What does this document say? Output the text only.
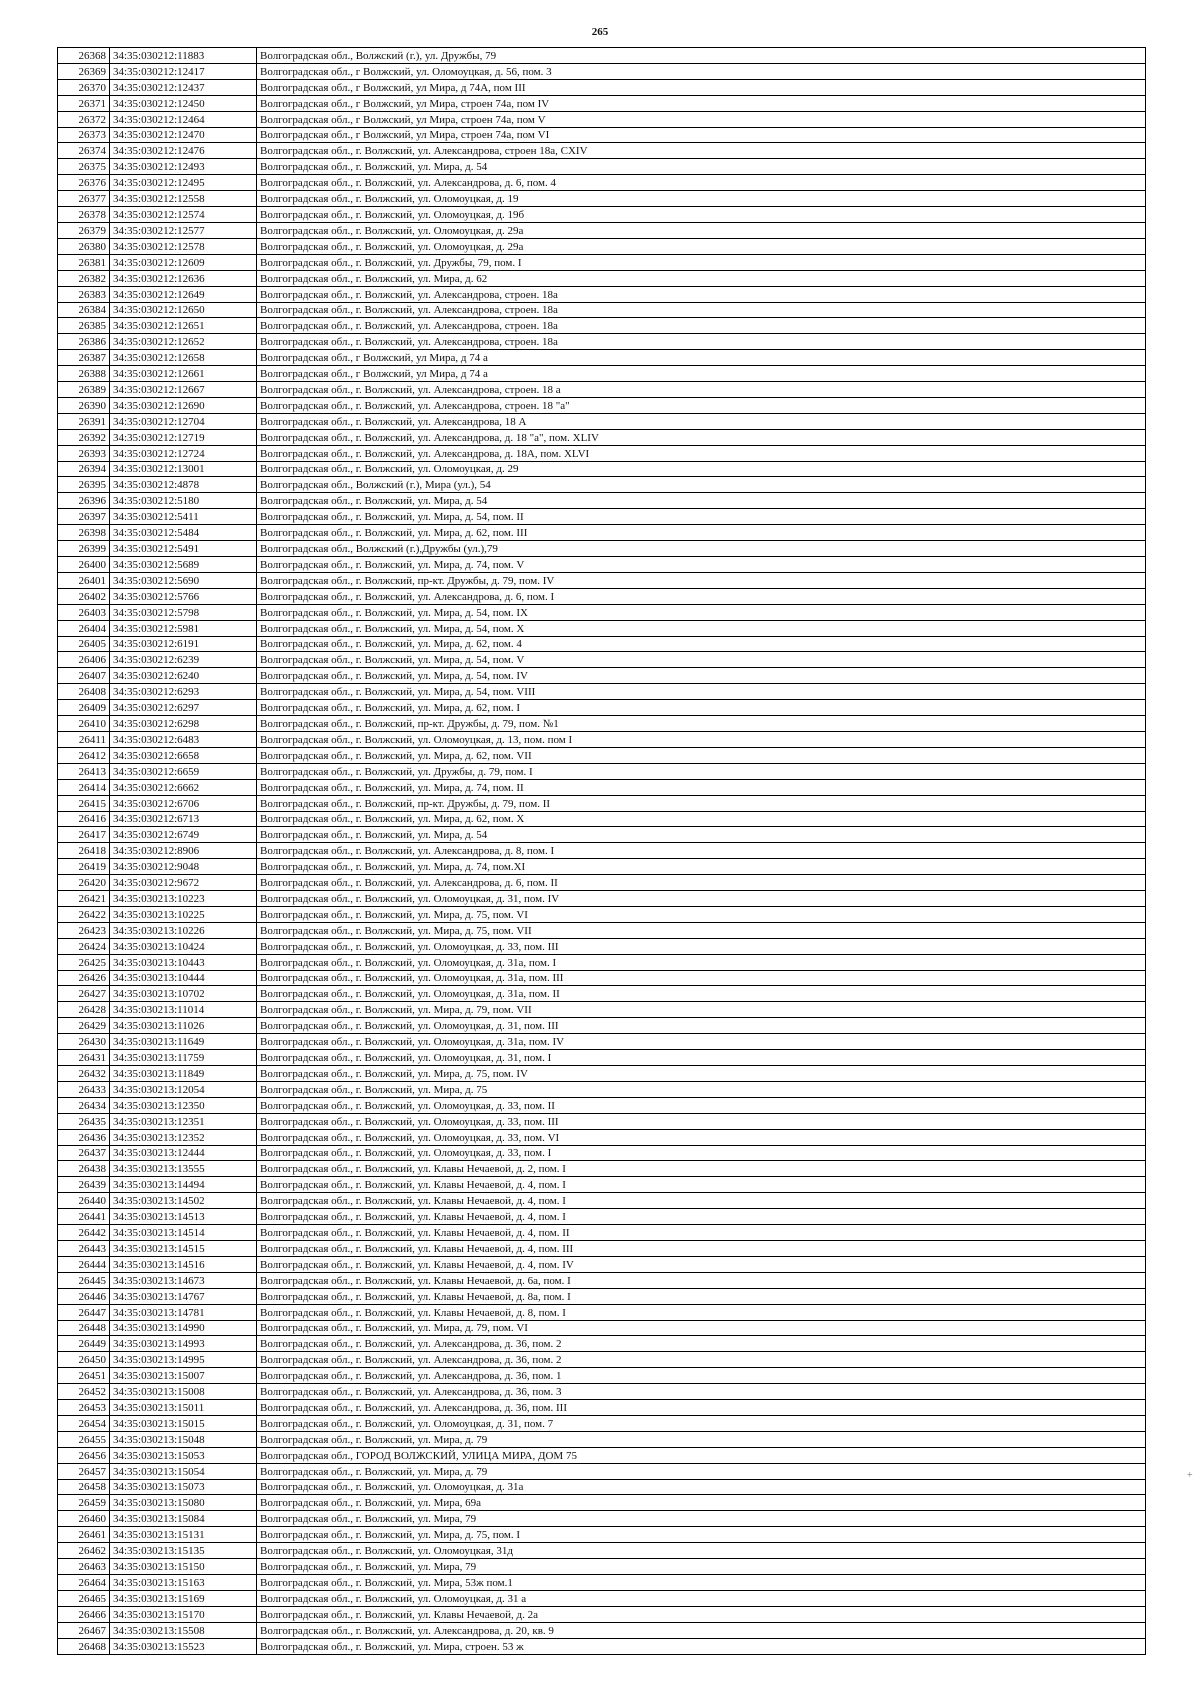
265
26368	34:35:030212:11883	Волгоградская обл., Волжский (г.), ул. Дружбы, 79
26369	34:35:030212:12417	Волгоградская обл., г Волжский, ул. Оломоуцкая, д. 56, пом. 3
26370	34:35:030212:12437	Волгоградская обл., г Волжский, ул Мира, д 74А, пом III
26371	34:35:030212:12450	Волгоградская обл., г Волжский, ул Мира, строен 74а, пом IV
26372	34:35:030212:12464	Волгоградская обл., г Волжский, ул Мира, строен 74а, пом V
26373	34:35:030212:12470	Волгоградская обл., г Волжский, ул Мира, строен 74а, пом VI
26374	34:35:030212:12476	Волгоградская обл., г. Волжский, ул. Александрова, строен 18а, CXIV
26375	34:35:030212:12493	Волгоградская обл., г. Волжский, ул. Мира, д. 54
26376	34:35:030212:12495	Волгоградская обл., г. Волжский, ул. Александрова, д. 6, пом. 4
26377	34:35:030212:12558	Волгоградская обл., г. Волжский, ул. Оломоуцкая, д. 19
26378	34:35:030212:12574	Волгоградская обл., г. Волжский, ул. Оломоуцкая, д. 19б
26379	34:35:030212:12577	Волгоградская обл., г. Волжский, ул. Оломоуцкая, д. 29а
26380	34:35:030212:12578	Волгоградская обл., г. Волжский, ул. Оломоуцкая, д. 29а
26381	34:35:030212:12609	Волгоградская обл., г. Волжский, ул. Дружбы, 79, пом. I
26382	34:35:030212:12636	Волгоградская обл., г. Волжский, ул. Мира, д. 62
26383	34:35:030212:12649	Волгоградская обл., г. Волжский, ул. Александрова, строен. 18а
26384	34:35:030212:12650	Волгоградская обл., г. Волжский, ул. Александрова, строен. 18а
26385	34:35:030212:12651	Волгоградская обл., г. Волжский, ул. Александрова, строен. 18а
26386	34:35:030212:12652	Волгоградская обл., г. Волжский, ул. Александрова, строен. 18а
26387	34:35:030212:12658	Волгоградская обл., г Волжский, ул Мира, д 74 а
26388	34:35:030212:12661	Волгоградская обл., г Волжский, ул Мира, д 74 а
26389	34:35:030212:12667	Волгоградская обл., г. Волжский, ул. Александрова, строен. 18 а
26390	34:35:030212:12690	Волгоградская обл., г. Волжский, ул. Александрова, строен. 18 "а"
26391	34:35:030212:12704	Волгоградская обл., г. Волжский, ул. Александрова, 18 А
26392	34:35:030212:12719	Волгоградская обл., г. Волжский, ул. Александрова, д. 18 "а", пом. XLIV
26393	34:35:030212:12724	Волгоградская обл., г. Волжский, ул. Александрова, д. 18А, пом. XLVI
26394	34:35:030212:13001	Волгоградская обл., г. Волжский, ул. Оломоуцкая, д. 29
26395	34:35:030212:4878	Волгоградская обл., Волжский (г.), Мира (ул.), 54
26396	34:35:030212:5180	Волгоградская обл., г. Волжский, ул. Мира, д. 54
26397	34:35:030212:5411	Волгоградская обл., г. Волжский, ул. Мира, д. 54, пом. II
26398	34:35:030212:5484	Волгоградская обл., г. Волжский, ул. Мира, д. 62, пом. III
26399	34:35:030212:5491	Волгоградская обл., Волжский (г.),Дружбы (ул.),79
26400	34:35:030212:5689	Волгоградская обл., г. Волжский, ул. Мира, д. 74, пом. V
26401	34:35:030212:5690	Волгоградская обл., г. Волжский, пр-кт. Дружбы, д. 79, пом. IV
26402	34:35:030212:5766	Волгоградская обл., г. Волжский, ул. Александрова, д. 6, пом. I
26403	34:35:030212:5798	Волгоградская обл., г. Волжский, ул. Мира, д. 54, пом. IX
26404	34:35:030212:5981	Волгоградская обл., г. Волжский, ул. Мира, д. 54, пом. X
26405	34:35:030212:6191	Волгоградская обл., г. Волжский, ул. Мира, д. 62, пом. 4
26406	34:35:030212:6239	Волгоградская обл., г. Волжский, ул. Мира, д. 54, пом. V
26407	34:35:030212:6240	Волгоградская обл., г. Волжский, ул. Мира, д. 54, пом. IV
26408	34:35:030212:6293	Волгоградская обл., г. Волжский, ул. Мира, д. 54, пом. VIII
26409	34:35:030212:6297	Волгоградская обл., г. Волжский, ул. Мира, д. 62, пом. I
26410	34:35:030212:6298	Волгоградская обл., г. Волжский, пр-кт. Дружбы, д. 79, пом. №1
26411	34:35:030212:6483	Волгоградская обл., г. Волжский, ул. Оломоуцкая, д. 13, пом. пом I
26412	34:35:030212:6658	Волгоградская обл., г. Волжский, ул. Мира, д. 62, пом. VII
26413	34:35:030212:6659	Волгоградская обл., г. Волжский, ул. Дружбы, д. 79, пом. I
26414	34:35:030212:6662	Волгоградская обл., г. Волжский, ул. Мира, д. 74, пом. II
26415	34:35:030212:6706	Волгоградская обл., г. Волжский, пр-кт. Дружбы, д. 79, пом. II
26416	34:35:030212:6713	Волгоградская обл., г. Волжский, ул. Мира, д. 62, пом. X
26417	34:35:030212:6749	Волгоградская обл., г. Волжский, ул. Мира, д. 54
26418	34:35:030212:8906	Волгоградская обл., г. Волжский, ул. Александрова, д. 8, пом. I
26419	34:35:030212:9048	Волгоградская обл., г. Волжский, ул. Мира, д. 74, пом.XI
26420	34:35:030212:9672	Волгоградская обл., г. Волжский, ул. Александрова, д. 6, пом. II
26421	34:35:030213:10223	Волгоградская обл., г. Волжский, ул. Оломоуцкая, д. 31, пом. IV
26422	34:35:030213:10225	Волгоградская обл., г. Волжский, ул. Мира, д. 75, пом. VI
26423	34:35:030213:10226	Волгоградская обл., г. Волжский, ул. Мира, д. 75, пом. VII
26424	34:35:030213:10424	Волгоградская обл., г. Волжский, ул. Оломоуцкая, д. 33, пом. III
26425	34:35:030213:10443	Волгоградская обл., г. Волжский, ул. Оломоуцкая, д. 31а, пом. I
26426	34:35:030213:10444	Волгоградская обл., г. Волжский, ул. Оломоуцкая, д. 31а, пом. III
26427	34:35:030213:10702	Волгоградская обл., г. Волжский, ул. Оломоуцкая, д. 31а, пом. II
26428	34:35:030213:11014	Волгоградская обл., г. Волжский, ул. Мира, д. 79, пом. VII
26429	34:35:030213:11026	Волгоградская обл., г. Волжский, ул. Оломоуцкая, д. 31, пом. III
26430	34:35:030213:11649	Волгоградская обл., г. Волжский, ул. Оломоуцкая, д. 31а, пом. IV
26431	34:35:030213:11759	Волгоградская обл., г. Волжский, ул. Оломоуцкая, д. 31, пом. I
26432	34:35:030213:11849	Волгоградская обл., г. Волжский, ул. Мира, д. 75, пом. IV
26433	34:35:030213:12054	Волгоградская обл., г. Волжский, ул. Мира, д. 75
26434	34:35:030213:12350	Волгоградская обл., г. Волжский, ул. Оломоуцкая, д. 33, пом. II
26435	34:35:030213:12351	Волгоградская обл., г. Волжский, ул. Оломоуцкая, д. 33, пом. III
26436	34:35:030213:12352	Волгоградская обл., г. Волжский, ул. Оломоуцкая, д. 33, пом. VI
26437	34:35:030213:12444	Волгоградская обл., г. Волжский, ул. Оломоуцкая, д. 33, пом. I
26438	34:35:030213:13555	Волгоградская обл., г. Волжский, ул. Клавы Нечаевой, д. 2, пом. I
26439	34:35:030213:14494	Волгоградская обл., г. Волжский, ул. Клавы Нечаевой, д. 4, пом. I
26440	34:35:030213:14502	Волгоградская обл., г. Волжский, ул. Клавы Нечаевой, д. 4, пом. I
26441	34:35:030213:14513	Волгоградская обл., г. Волжский, ул. Клавы Нечаевой, д. 4, пом. I
26442	34:35:030213:14514	Волгоградская обл., г. Волжский, ул. Клавы Нечаевой, д. 4, пом. II
26443	34:35:030213:14515	Волгоградская обл., г. Волжский, ул. Клавы Нечаевой, д. 4, пом. III
26444	34:35:030213:14516	Волгоградская обл., г. Волжский, ул. Клавы Нечаевой, д. 4, пом. IV
26445	34:35:030213:14673	Волгоградская обл., г. Волжский, ул. Клавы Нечаевой, д. 6а, пом. I
26446	34:35:030213:14767	Волгоградская обл., г. Волжский, ул. Клавы Нечаевой, д. 8а, пом. I
26447	34:35:030213:14781	Волгоградская обл., г. Волжский, ул. Клавы Нечаевой, д. 8, пом. I
26448	34:35:030213:14990	Волгоградская обл., г. Волжский, ул. Мира, д. 79, пом. VI
26449	34:35:030213:14993	Волгоградская обл., г. Волжский, ул. Александрова, д. 36, пом. 2
26450	34:35:030213:14995	Волгоградская обл., г. Волжский, ул. Александрова, д. 36, пом. 2
26451	34:35:030213:15007	Волгоградская обл., г. Волжский, ул. Александрова, д. 36, пом. 1
26452	34:35:030213:15008	Волгоградская обл., г. Волжский, ул. Александрова, д. 36, пом. 3
26453	34:35:030213:15011	Волгоградская обл., г. Волжский, ул. Александрова, д. 36, пом. III
26454	34:35:030213:15015	Волгоградская обл., г. Волжский, ул. Оломоуцкая, д. 31, пом. 7
26455	34:35:030213:15048	Волгоградская обл., г. Волжский, ул. Мира, д. 79
26456	34:35:030213:15053	Волгоградская обл., ГОРОД ВОЛЖСКИЙ, УЛИЦА МИРА, ДОМ 75
26457	34:35:030213:15054	Волгоградская обл., г. Волжский, ул. Мира, д. 79
26458	34:35:030213:15073	Волгоградская обл., г. Волжский, ул. Оломоуцкая, д. 31а
26459	34:35:030213:15080	Волгоградская обл., г. Волжский, ул. Мира, 69а
26460	34:35:030213:15084	Волгоградская обл., г. Волжский, ул. Мира, 79
26461	34:35:030213:15131	Волгоградская обл., г. Волжский, ул. Мира, д. 75, пом. I
26462	34:35:030213:15135	Волгоградская обл., г. Волжский, ул. Оломоуцкая, 31д
26463	34:35:030213:15150	Волгоградская обл., г. Волжский, ул. Мира, 79
26464	34:35:030213:15163	Волгоградская обл., г. Волжский, ул. Мира, 53ж пом.1
26465	34:35:030213:15169	Волгоградская обл., г. Волжский, ул. Оломоуцкая, д. 31 а
26466	34:35:030213:15170	Волгоградская обл., г. Волжский, ул. Клавы Нечаевой, д. 2а
26467	34:35:030213:15508	Волгоградская обл., г. Волжский, ул. Александрова, д. 20, кв. 9
26468	34:35:030213:15523	Волгоградская обл., г. Волжский, ул. Мира, строен. 53 ж
+
